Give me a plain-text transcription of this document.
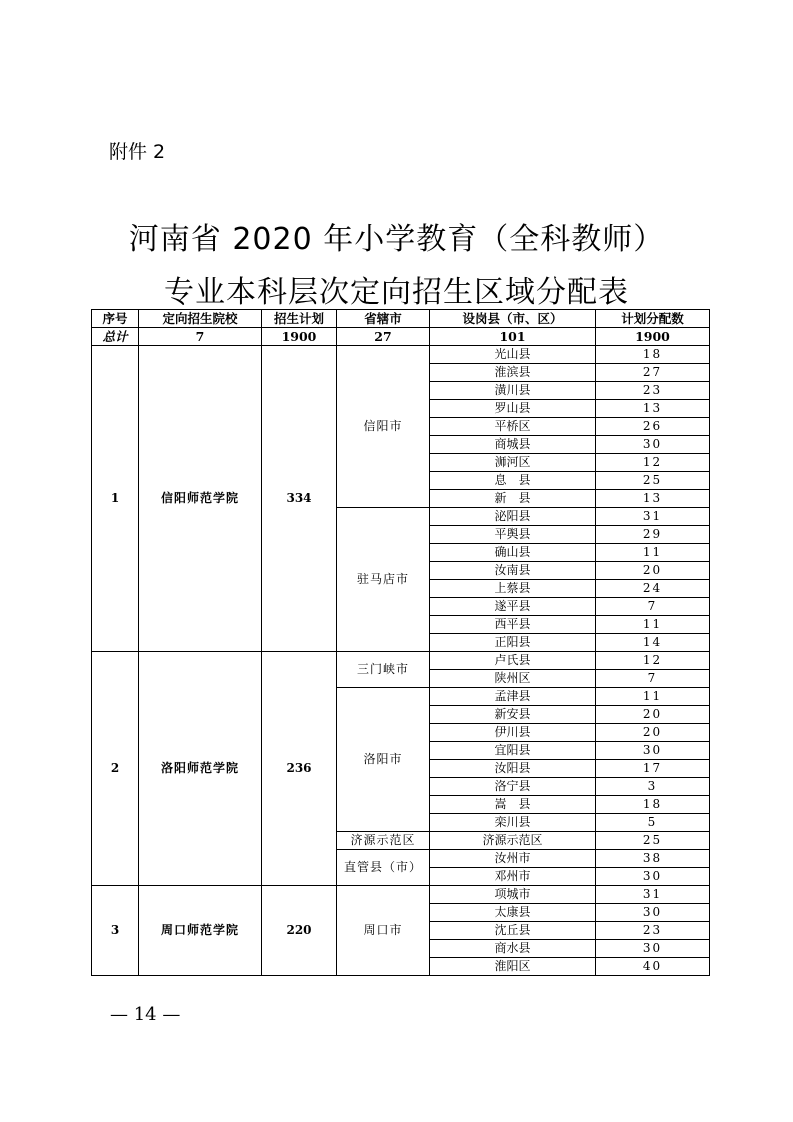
附件 2
河南省 2020 年小学教育（全科教师）
专业本科层次定向招生区域分配表
序号	定向招生院校	招生计划	省辖市	设岗县（市、区）	计划分配数
总计	7	1900	27	101	1900
1	信阳师范学院	334	信阳市	光山县	18
				淮滨县	27
				潢川县	23
				罗山县	13
				平桥区	26
				商城县	30
				浉河区	12
				息　县	25
				新　县	13
			驻马店市	泌阳县	31
				平舆县	29
				确山县	11
				汝南县	20
				上蔡县	24
				遂平县	7
				西平县	11
				正阳县	14
2	洛阳师范学院	236	三门峡市	卢氏县	12
				陕州区	7
			洛阳市	孟津县	11
				新安县	20
				伊川县	20
				宜阳县	30
				汝阳县	17
				洛宁县	3
				嵩　县	18
				栾川县	5
			济源示范区	济源示范区	25
			直管县（市）	汝州市	38
				邓州市	30
3	周口师范学院	220	周口市	项城市	31
				太康县	30
				沈丘县	23
				商水县	30
				淮阳区	40
— 14 —
